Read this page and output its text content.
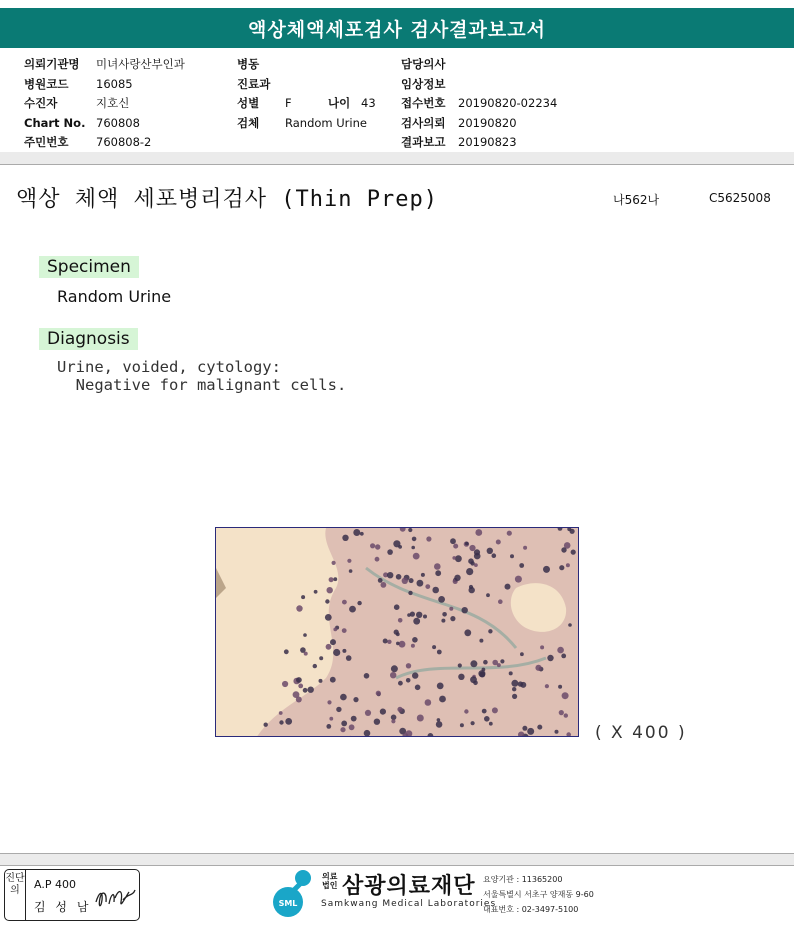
액상체액세포검사 검사결과보고서
의뢰기관명	미녀사랑산부인과
병원코드	16085
수진자	지호신
Chart No. 760808
주민번호	760808-2
병동
진료과
성별	F	나이 43
검체	Random Urine
담당의사
임상정보
접수번호	20190820-02234
검사의뢰	20190820
결과보고	20190823
액상 체액 세포병리검사 (Thin Prep)	나562나	C5625008
Specimen
Random Urine
Diagnosis
Urine, voided, cytology:
Negative for malignant cells.
( X 400 )
진단의	A.P 400
김 성 남	SML
의료법인 삼광의료재단
Samkwang Medical Laboratories
요양기관 : 11365200
서울특별시 서초구 양재동 9-60
대표번호 : 02-3497-5100
